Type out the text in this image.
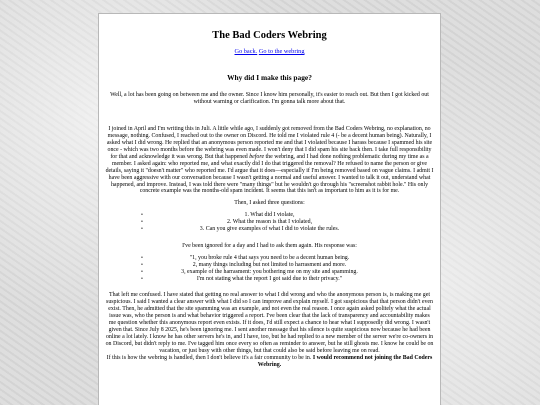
The Bad Coders Webring
Go back. Go to the webring
Why did I make this page?

Well, a lot has been going on between me and the owner. Since I know him personally, it's easier to reach out. But then I got kicked out without warning or clarification. I'm gonna talk more about that.

I joined in April and I'm writing this in Juli. A little while ago, I suddenly got removed from the Bad Coders Webring, no explanation, no message, nothing. Confused, I reached out to the owner on Discord. He told me I violated rule 4 (- be a decent human being). Naturally, I asked what I did wrong. He replied that an anonymous person reported me and that I violated because I harass because I spammed his site once - which was two months before the webring was even made. I won't deny that I did spam his site back then. I take full responsibility for that and acknowledge it was wrong. But that happened before the webring, and I had done nothing problematic during my time as a member. I asked again: who reported me, and what exactly did I do that triggered the removal? He refused to name the person or give details, saying it "doesn't matter" who reported me. I'd argue that it does—especially if I'm being removed based on vague claims. I admit I have been aggressive with our conversation because I wasn't getting a normal and useful answer. I wanted to talk it out, understand what happened, and improve. Instead, I was told there were "many things" but he wouldn't go through his "screenshot rabbit hole." His only concrete example was the months-old spam incident. It seems that this isn't as important to him as it is for me.

Then, I asked three questions:

•	1. What did I violate,
•	2. What the reason is that I violated,
•	3. Can you give examples of what I did to violate the rules.

I've been ignored for a day and I had to ask them again. His response was:

•	"1, you broke rule 4 that says you need to be a decent human being.
•	2, many things including but not limited to harrasment and more.
•	3, example of the harrasment: you bothering me on my site and spamming.
•	I'm not stating what the report I got said due to their privacy."

That left me confused. I have stated that getting no real answer to what I did wrong and who the anonymous person is, is making me get suspicious. I said I wanted a clear answer with what I did so I can improve and explain myself. I got suspicious that that person didn't even exist. Then, he admitted that the site spamming was an example, and not even the real reason. I once again asked politely what the actual issue was, who the person is and what behavior triggered a report. I've been clear that the lack of transparency and accountability makes me question whether this anonymous report even exists. If it does, I'd still expect a chance to hear what I supposedly did wrong. I wasn't given that. Since July 8 2025, he's been ignoring me. I sent another message that his silence is quite suspicious now because he had been online a lot lately. I know he has other servers he's in, and I have, too, but he had replied to a new member of the server we're co-owners in on Discord, but didn't reply to me. I've tagged him once every so often as reminder to answer, but he still ghosts me. I know he could be on vacation, or just busy with other things, but that could also be said before leaving me on read.
If this is how the webring is handled, then I don't believe it's a fair community to be in. I would recommend not joining the Bad Coders Webring.
